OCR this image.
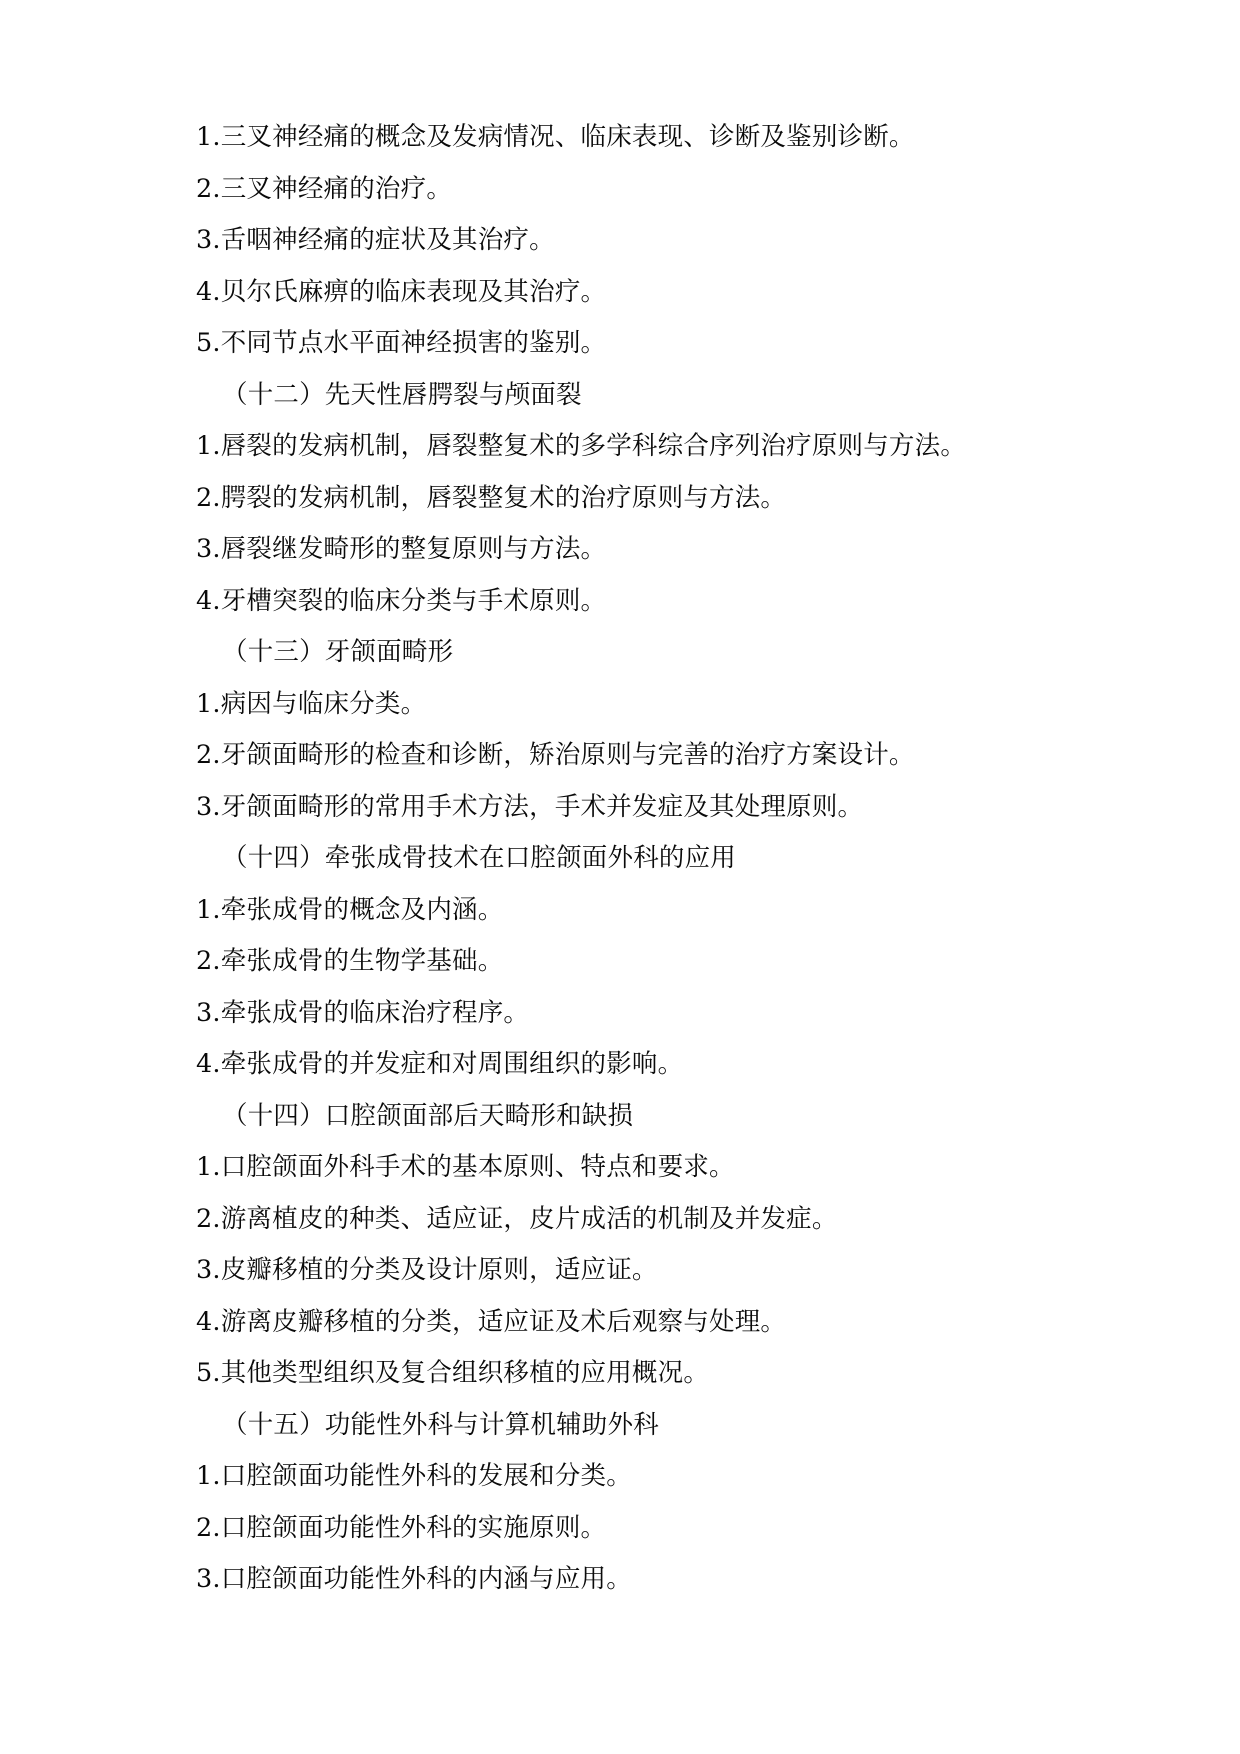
1.三叉神经痛的概念及发病情况、临床表现、诊断及鉴别诊断。

2.三叉神经痛的治疗。

3.舌咽神经痛的症状及其治疗。

4.贝尔氏麻痹的临床表现及其治疗。

5.不同节点水平面神经损害的鉴别。

（十二）先天性唇腭裂与颅面裂

1.唇裂的发病机制，唇裂整复术的多学科综合序列治疗原则与方法。

2.腭裂的发病机制，唇裂整复术的治疗原则与方法。

3.唇裂继发畸形的整复原则与方法。

4.牙槽突裂的临床分类与手术原则。

（十三）牙颌面畸形

1.病因与临床分类。

2.牙颌面畸形的检查和诊断，矫治原则与完善的治疗方案设计。

3.牙颌面畸形的常用手术方法，手术并发症及其处理原则。

（十四）牵张成骨技术在口腔颌面外科的应用

1.牵张成骨的概念及内涵。

2.牵张成骨的生物学基础。

3.牵张成骨的临床治疗程序。

4.牵张成骨的并发症和对周围组织的影响。

（十四）口腔颌面部后天畸形和缺损

1.口腔颌面外科手术的基本原则、特点和要求。

2.游离植皮的种类、适应证，皮片成活的机制及并发症。

3.皮瓣移植的分类及设计原则，适应证。

4.游离皮瓣移植的分类，适应证及术后观察与处理。

5.其他类型组织及复合组织移植的应用概况。

（十五）功能性外科与计算机辅助外科

1.口腔颌面功能性外科的发展和分类。

2.口腔颌面功能性外科的实施原则。

3.口腔颌面功能性外科的内涵与应用。
